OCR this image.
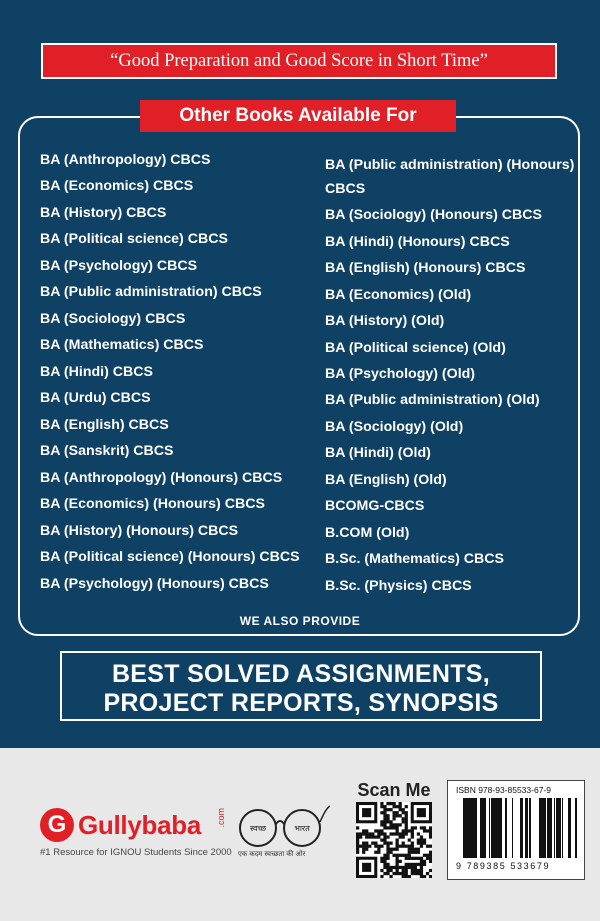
“Good Preparation and Good Score in Short Time”
Other Books Available For
BA (Anthropology) CBCS
BA (Economics) CBCS
BA (History) CBCS
BA (Political science) CBCS
BA (Psychology) CBCS
BA (Public administration) CBCS
BA (Sociology) CBCS
BA (Mathematics) CBCS
BA (Hindi) CBCS
BA (Urdu) CBCS
BA (English) CBCS
BA (Sanskrit) CBCS
BA (Anthropology) (Honours) CBCS
BA (Economics) (Honours) CBCS
BA (History) (Honours) CBCS
BA (Political science) (Honours) CBCS
BA (Psychology) (Honours) CBCS
BA (Public administration) (Honours) CBCS
BA (Sociology) (Honours) CBCS
BA (Hindi) (Honours) CBCS
BA (English) (Honours) CBCS
BA (Economics) (Old)
BA (History) (Old)
BA (Political science) (Old)
BA (Psychology) (Old)
BA (Public administration) (Old)
BA (Sociology) (Old)
BA (Hindi) (Old)
BA (English) (Old)
BCOMG-CBCS
B.COM (Old)
B.Sc. (Mathematics) CBCS
B.Sc. (Physics) CBCS
WE ALSO PROVIDE
BEST SOLVED ASSIGNMENTS,
PROJECT REPORTS, SYNOPSIS
G Gullybaba .com
#1 Resource for IGNOU Students Since 2000
स्वच्छ	भारत
एक कदम स्वच्छता की ओर
Scan Me	ISBN 978-93-85533-67-9
9 789385 533679
